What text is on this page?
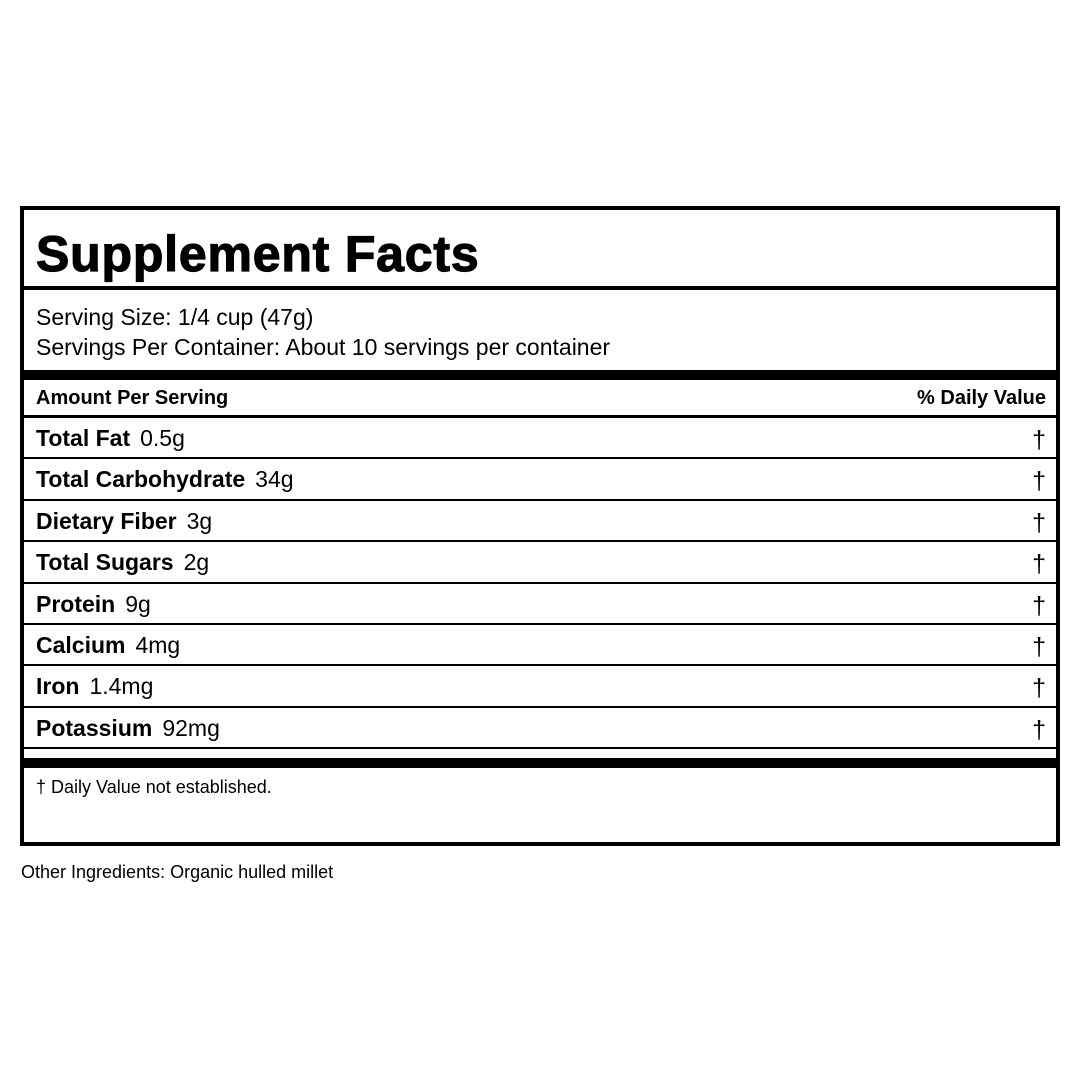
Supplement Facts
Serving Size: 1/4 cup (47g)
Servings Per Container: About 10 servings per container
Amount Per Serving	% Daily Value
Total Fat 0.5g	†
Total Carbohydrate 34g	†
Dietary Fiber 3g	†
Total Sugars 2g	†
Protein 9g	†
Calcium 4mg	†
Iron 1.4mg	†
Potassium 92mg	†
† Daily Value not established.
Other Ingredients: Organic hulled millet
